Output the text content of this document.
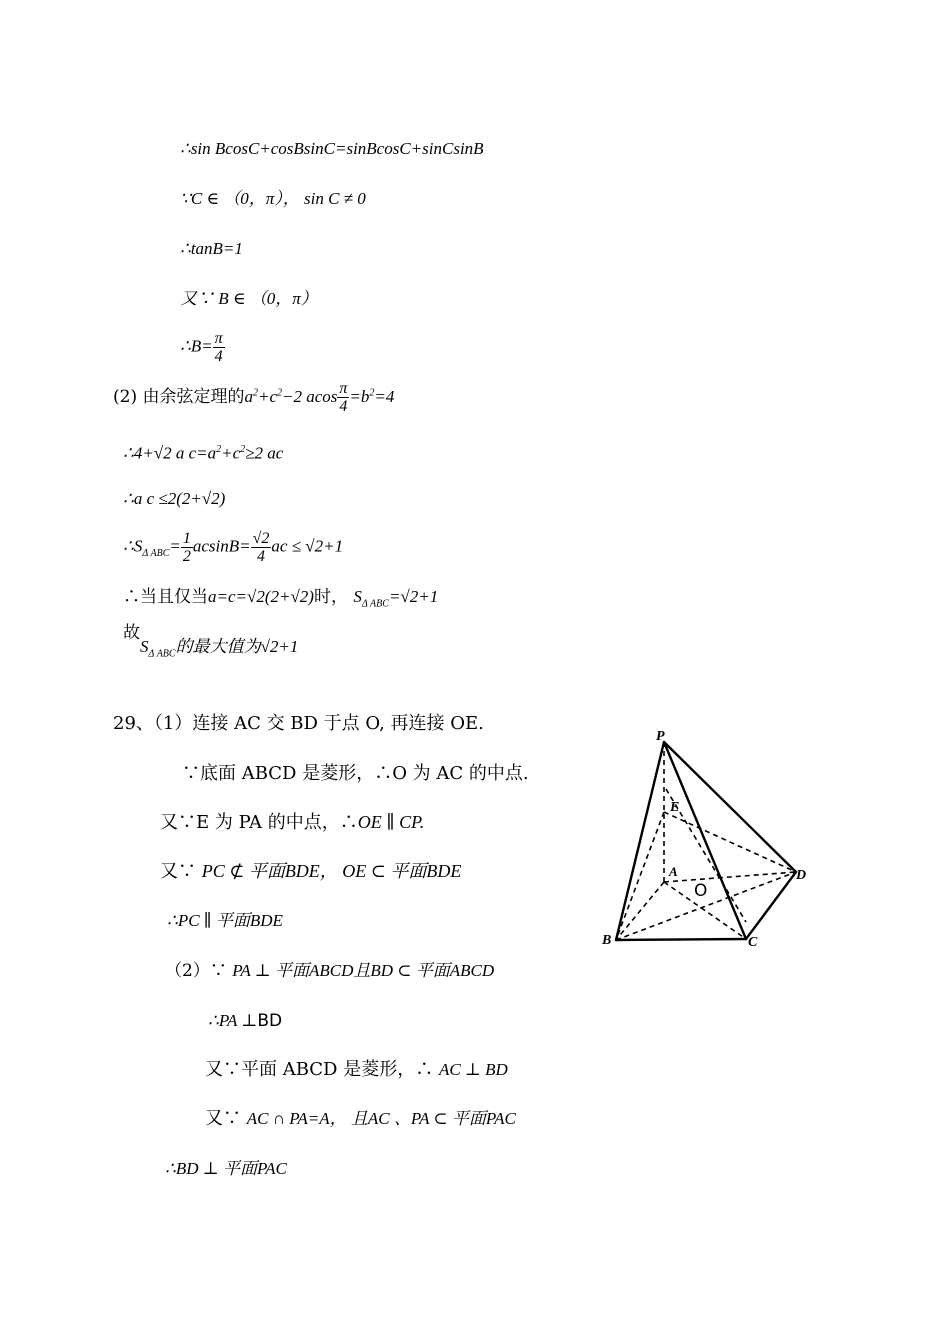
∴sin BcosC+cosBsinC=sinBcosC+sinCsinB
∵C ∈ （0，π）， sin C ≠ 0
∴tanB=1
又∵ B ∈ （0，π）
∴B= $\frac{\pi}{4}$
(2) 由余弦定理的$a^2+c^2-2$ acos $\frac{\pi}{4} =b^2=4$
∴4+√2 a $c=a^2+c^2\ge 2$ ac
∴a c ≤2(2+√2)
$\therefore S_{\Delta ABC}= \frac{1}{2} acsinB= \frac{√2}{4}$ ac ≤ √2+1
∴当且仅当a=c=√2(2+√2)时， $S_{\Delta ABC}=√2+1$
故$S_{\Delta ABC}$的最大值为√2+1
29、（1）连接 AC 交 BD 于点 O, 再连接 OE.
∵底面 ABCD 是菱形，∴O 为 AC 的中点.
又∵E 为 PA 的中点，∴OE ∥ CP.
又∵ PC ⊄ 平面BDE， OE ⊂ 平面BDE
∴PC ∥ 平面BDE
（2）∵ PA ⊥ 平面ABCD且BD ⊂ 平面ABCD
∴PA ⊥BD
又∵平面 ABCD 是菱形，∴ AC ⊥ BD
又∵ AC ∩ PA=A， 且AC 、PA ⊂ 平面PAC
∴BD ⊥ 平面PAC
P
E
A
O
D
B	C
